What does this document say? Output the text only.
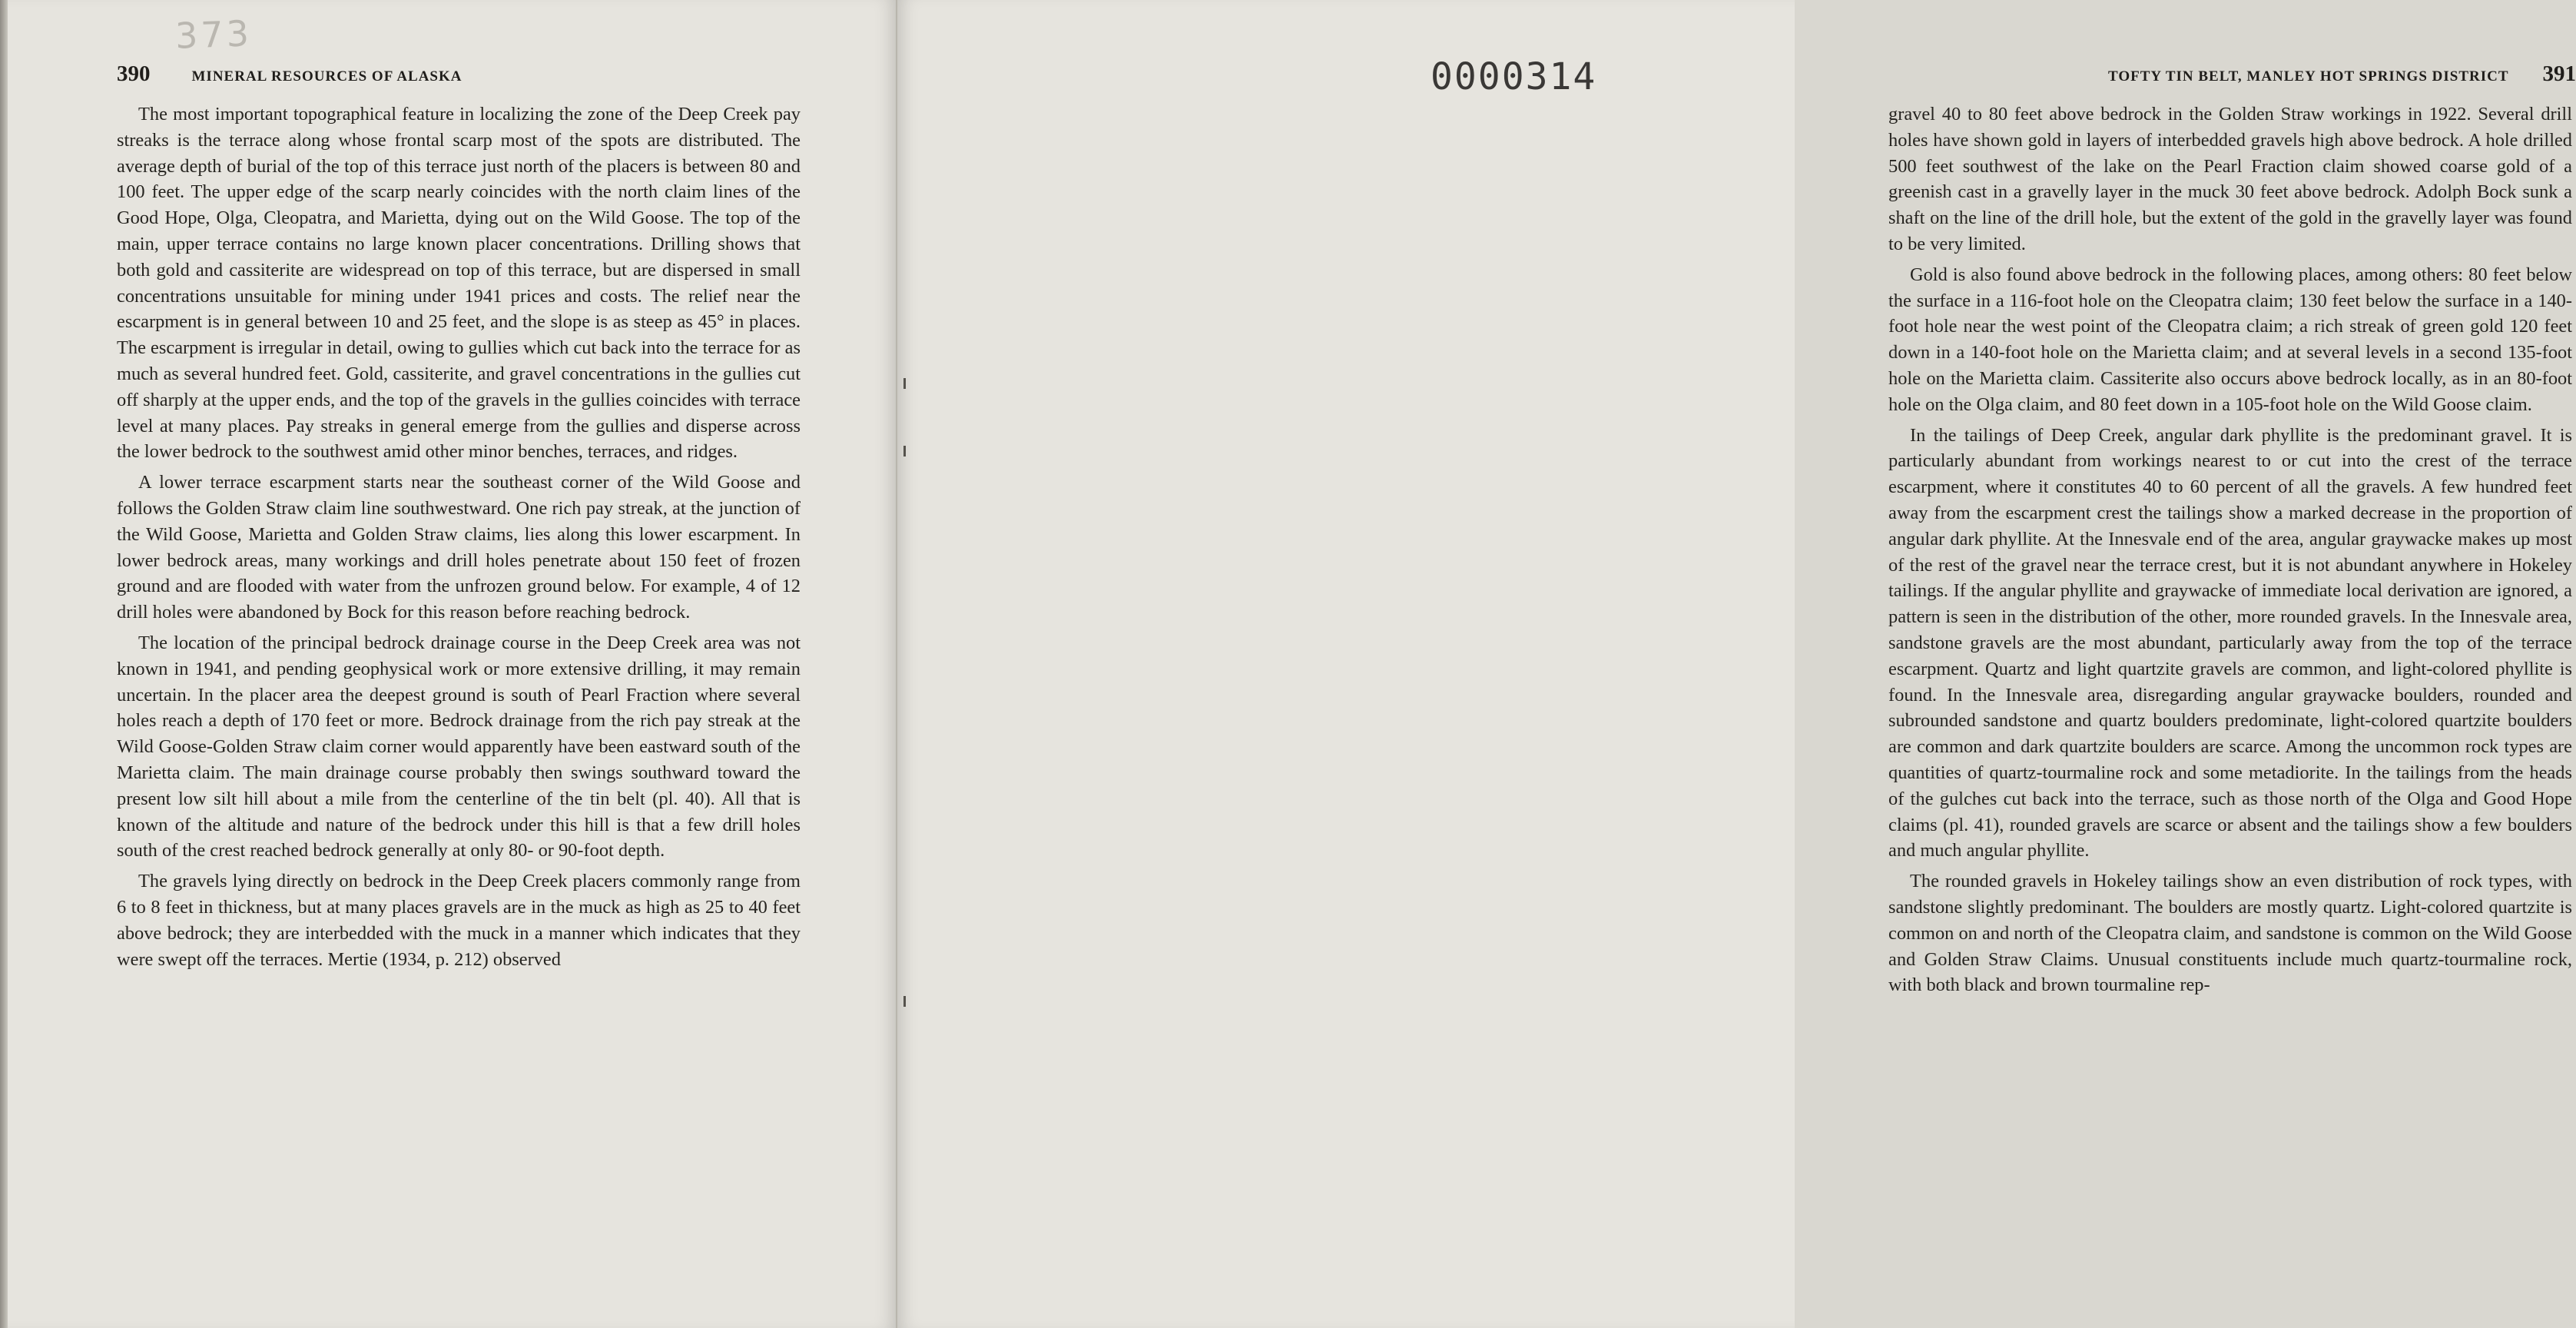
373
390	MINERAL RESOURCES OF ALASKA

The most important topographical feature in localizing the zone of the Deep Creek pay streaks is the terrace along whose frontal scarp most of the spots are distributed. The average depth of burial of the top of this terrace just north of the placers is between 80 and 100 feet. The upper edge of the scarp nearly coincides with the north claim lines of the Good Hope, Olga, Cleopatra, and Marietta, dying out on the Wild Goose. The top of the main, upper terrace contains no large known placer concentrations. Drilling shows that both gold and cassiterite are widespread on top of this terrace, but are dispersed in small concentrations unsuitable for mining under 1941 prices and costs. The relief near the escarpment is in general between 10 and 25 feet, and the slope is as steep as 45° in places. The escarpment is irregular in detail, owing to gullies which cut back into the terrace for as much as several hundred feet. Gold, cassiterite, and gravel concentrations in the gullies cut off sharply at the upper ends, and the top of the gravels in the gullies coincides with terrace level at many places. Pay streaks in general emerge from the gullies and disperse across the lower bedrock to the southwest amid other minor benches, terraces, and ridges.

A lower terrace escarpment starts near the southeast corner of the Wild Goose and follows the Golden Straw claim line southwestward. One rich pay streak, at the junction of the Wild Goose, Marietta and Golden Straw claims, lies along this lower escarpment. In lower bedrock areas, many workings and drill holes penetrate about 150 feet of frozen ground and are flooded with water from the unfrozen ground below. For example, 4 of 12 drill holes were abandoned by Bock for this reason before reaching bedrock.

The location of the principal bedrock drainage course in the Deep Creek area was not known in 1941, and pending geophysical work or more extensive drilling, it may remain uncertain. In the placer area the deepest ground is south of Pearl Fraction where several holes reach a depth of 170 feet or more. Bedrock drainage from the rich pay streak at the Wild Goose-Golden Straw claim corner would apparently have been eastward south of the Marietta claim. The main drainage course probably then swings southward toward the present low silt hill about a mile from the centerline of the tin belt (pl. 40). All that is known of the altitude and nature of the bedrock under this hill is that a few drill holes south of the crest reached bedrock generally at only 80- or 90-foot depth.

The gravels lying directly on bedrock in the Deep Creek placers commonly range from 6 to 8 feet in thickness, but at many places gravels are in the muck as high as 25 to 40 feet above bedrock; they are interbedded with the muck in a manner which indicates that they were swept off the terraces. Mertie (1934, p. 212) observed

TOFTY TIN BELT, MANLEY HOT SPRINGS DISTRICT 391

gravel 40 to 80 feet above bedrock in the Golden Straw workings in 1922. Several drill holes have shown gold in layers of interbedded gravels high above bedrock. A hole drilled 500 feet southwest of the lake on the Pearl Fraction claim showed coarse gold of a greenish cast in a gravelly layer in the muck 30 feet above bedrock. Adolph Bock sunk a shaft on the line of the drill hole, but the extent of the gold in the gravelly layer was found to be very limited.

Gold is also found above bedrock in the following places, among others: 80 feet below the surface in a 116-foot hole on the Cleopatra claim; 130 feet below the surface in a 140-foot hole near the west point of the Cleopatra claim; a rich streak of green gold 120 feet down in a 140-foot hole on the Marietta claim; and at several levels in a second 135-foot hole on the Marietta claim. Cassiterite also occurs above bedrock locally, as in an 80-foot hole on the Olga claim, and 80 feet down in a 105-foot hole on the Wild Goose claim.

In the tailings of Deep Creek, angular dark phyllite is the predominant gravel. It is particularly abundant from workings nearest to or cut into the crest of the terrace escarpment, where it constitutes 40 to 60 percent of all the gravels. A few hundred feet away from the escarpment crest the tailings show a marked decrease in the proportion of angular dark phyllite. At the Innesvale end of the area, angular graywacke makes up most of the rest of the gravel near the terrace crest, but it is not abundant anywhere in Hokeley tailings. If the angular phyllite and graywacke of immediate local derivation are ignored, a pattern is seen in the distribution of the other, more rounded gravels. In the Innesvale area, sandstone gravels are the most abundant, particularly away from the top of the terrace escarpment. Quartz and light quartzite gravels are common, and light-colored phyllite is found. In the Innesvale area, disregarding angular graywacke boulders, rounded and subrounded sandstone and quartz boulders predominate, light-colored quartzite boulders are common and dark quartzite boulders are scarce. Among the uncommon rock types are quantities of quartz-tourmaline rock and some metadiorite. In the tailings from the heads of the gulches cut back into the terrace, such as those north of the Olga and Good Hope claims (pl. 41), rounded gravels are scarce or absent and the tailings show a few boulders and much angular phyllite.

The rounded gravels in Hokeley tailings show an even distribution of rock types, with sandstone slightly predominant. The boulders are mostly quartz. Light-colored quartzite is common on and north of the Cleopatra claim, and sandstone is common on the Wild Goose and Golden Straw Claims. Unusual constituents include much quartz-tourmaline rock, with both black and brown tourmaline rep-

0000314
